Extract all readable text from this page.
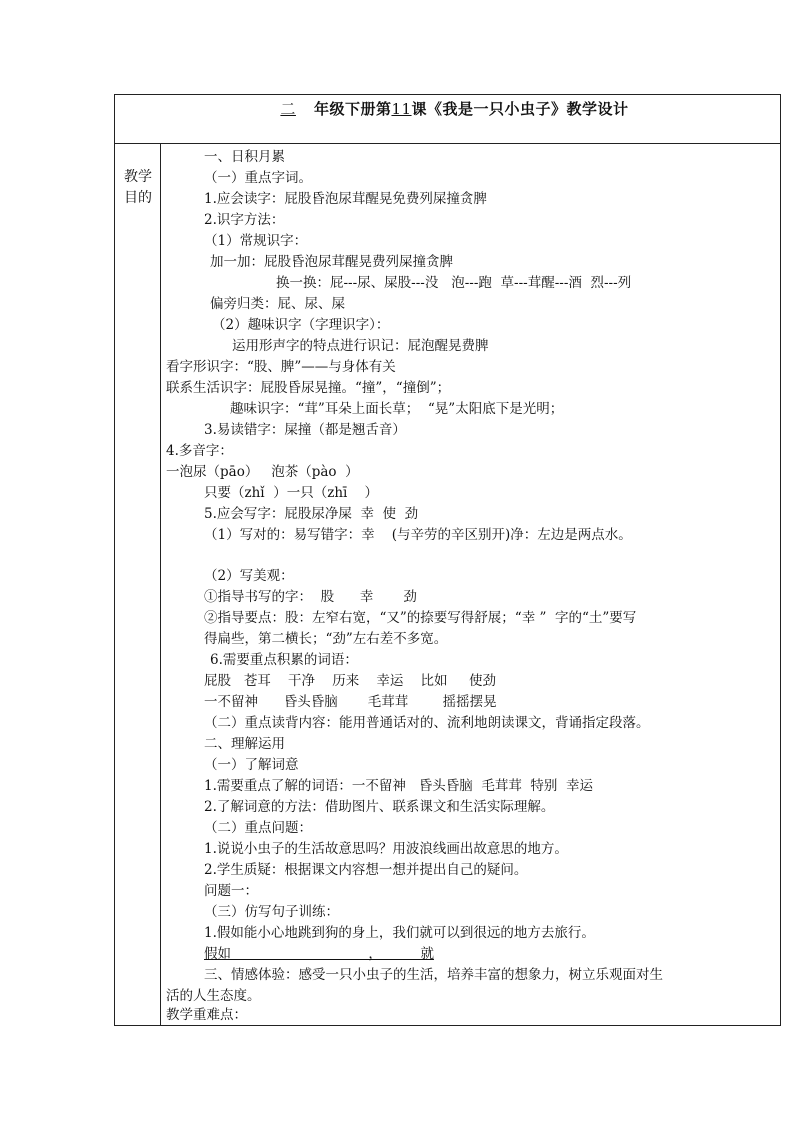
二 年级下册第11课《我是一只小虫子》教学设计
教学
目的
一、日积月累
（一）重点字词。
1.应会读字：屁股昏泡尿茸醒晃免费列屎撞贪脾
2.识字方法：
（1）常规识字：
加一加：屁股昏泡尿茸醒晃费列屎撞贪脾
换一换：屁---尿、屎股---没   泡---跑  草---茸醒---酒  烈---列
偏旁归类：屁、尿、屎
（2）趣味识字（字理识字）：
运用形声字的特点进行识记：屁泡醒晃费脾
看字形识字：“股、脾”——与身体有关
联系生活识字：屁股昏尿晃撞。“撞”，“撞倒”；
趣味识字：“茸”耳朵上面长草；  “晃”太阳底下是光明；
3.易读错字：屎撞（都是翘舌音）
4.多音字：
一泡尿（pāo）   泡茶（pào  ）
只要（zhǐ  ）一只（zhī    ）
5.应会写字：屁股尿净屎  幸  使  劲
（1）写对的：易写错字：幸    (与辛劳的辛区别开)净：左边是两点水。
（2）写美观：
①指导书写的字：  股      幸       劲
②指导要点：股：左窄右宽，“又”的捺要写得舒展；“幸 ”  字的“土”要写
得扁些，第二横长；“劲”左右差不多宽。
6.需要重点积累的词语：
屁股   苍耳    干净    历来    幸运    比如     使劲
一不留神      昏头昏脑       毛茸茸        摇摇摆晃
（二）重点读背内容：能用普通话对的、流利地朗读课文，背诵指定段落。
二、理解运用
（一）了解词意
1.需要重点了解的词语：一不留神   昏头昏脑  毛茸茸  特别  幸运
2.了解词意的方法：借助图片、联系课文和生活实际理解。
（二）重点问题：
1.说说小虫子的生活故意思吗？用波浪线画出故意思的地方。
2.学生质疑：根据课文内容想一想并提出自己的疑问。
问题一：
（三）仿写句子训练：
1.假如能小心地跳到狗的身上，我们就可以到很远的地方去旅行。
假如                                ，         就
三、情感体验：感受一只小虫子的生活，培养丰富的想象力，树立乐观面对生
活的人生态度。
教学重难点：
